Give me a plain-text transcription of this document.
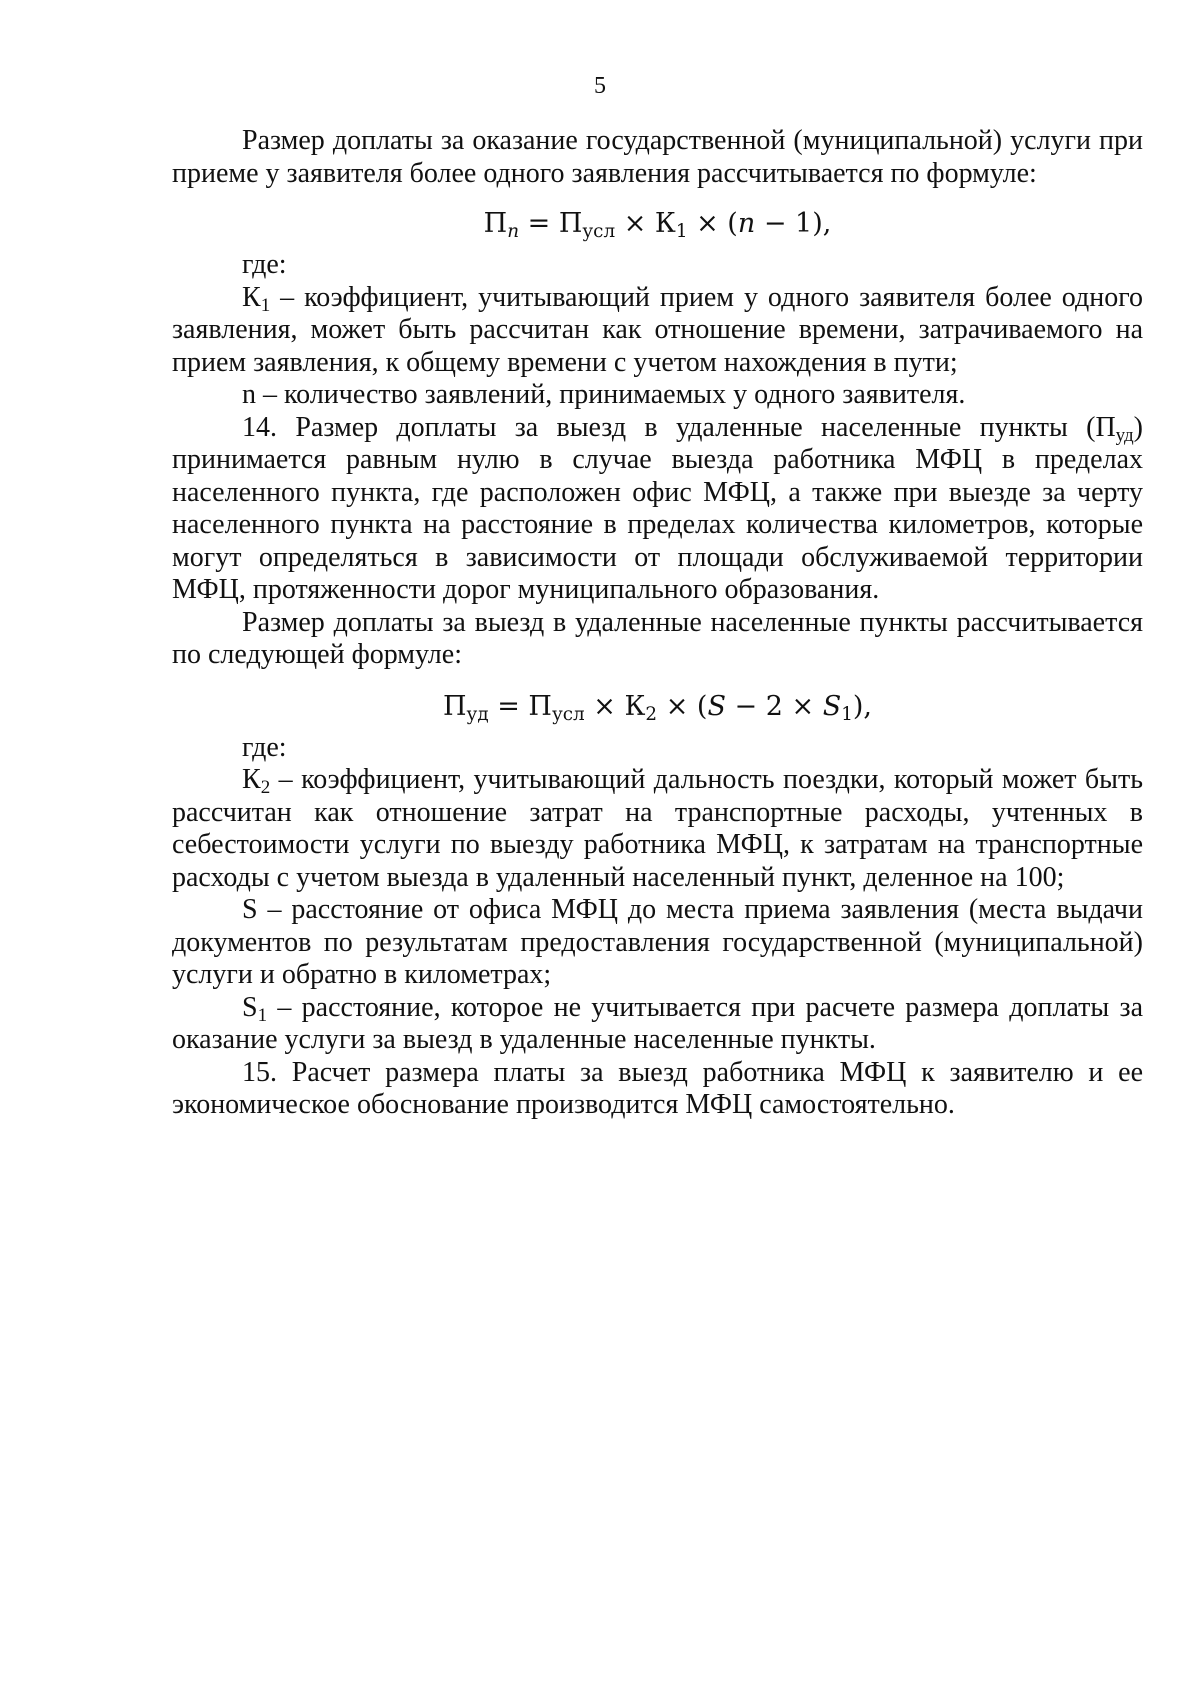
5

Размер доплаты за оказание государственной (муниципальной) услуги при приеме у заявителя более одного заявления рассчитывается по формуле:

$П_n = П_{усл} \times К_1 \times (n - 1)$,

где:

К1 – коэффициент, учитывающий прием у одного заявителя более одного заявления, может быть рассчитан как отношение времени, затрачиваемого на прием заявления, к общему времени с учетом нахождения в пути;

n – количество заявлений, принимаемых у одного заявителя.

14. Размер доплаты за выезд в удаленные населенные пункты (Пуд) принимается равным нулю в случае выезда работника МФЦ в пределах населенного пункта, где расположен офис МФЦ, а также при выезде за черту населенного пункта на расстояние в пределах количества километров, которые могут определяться в зависимости от площади обслуживаемой территории МФЦ, протяженности дорог муниципального образования.

Размер доплаты за выезд в удаленные населенные пункты рассчитывается по следующей формуле:

$П_{уд} = П_{усл} \times К_2 \times (S - 2 \times S_1)$,

где:

К2 – коэффициент, учитывающий дальность поездки, который может быть рассчитан как отношение затрат на транспортные расходы, учтенных в себестоимости услуги по выезду работника МФЦ, к затратам на транспортные расходы с учетом выезда в удаленный населенный пункт, деленное на 100;

S – расстояние от офиса МФЦ до места приема заявления (места выдачи документов по результатам предоставления государственной (муниципальной) услуги и обратно в километрах;

S1 – расстояние, которое не учитывается при расчете размера доплаты за оказание услуги за выезд в удаленные населенные пункты.

15. Расчет размера платы за выезд работника МФЦ к заявителю и ее экономическое обоснование производится МФЦ самостоятельно.
